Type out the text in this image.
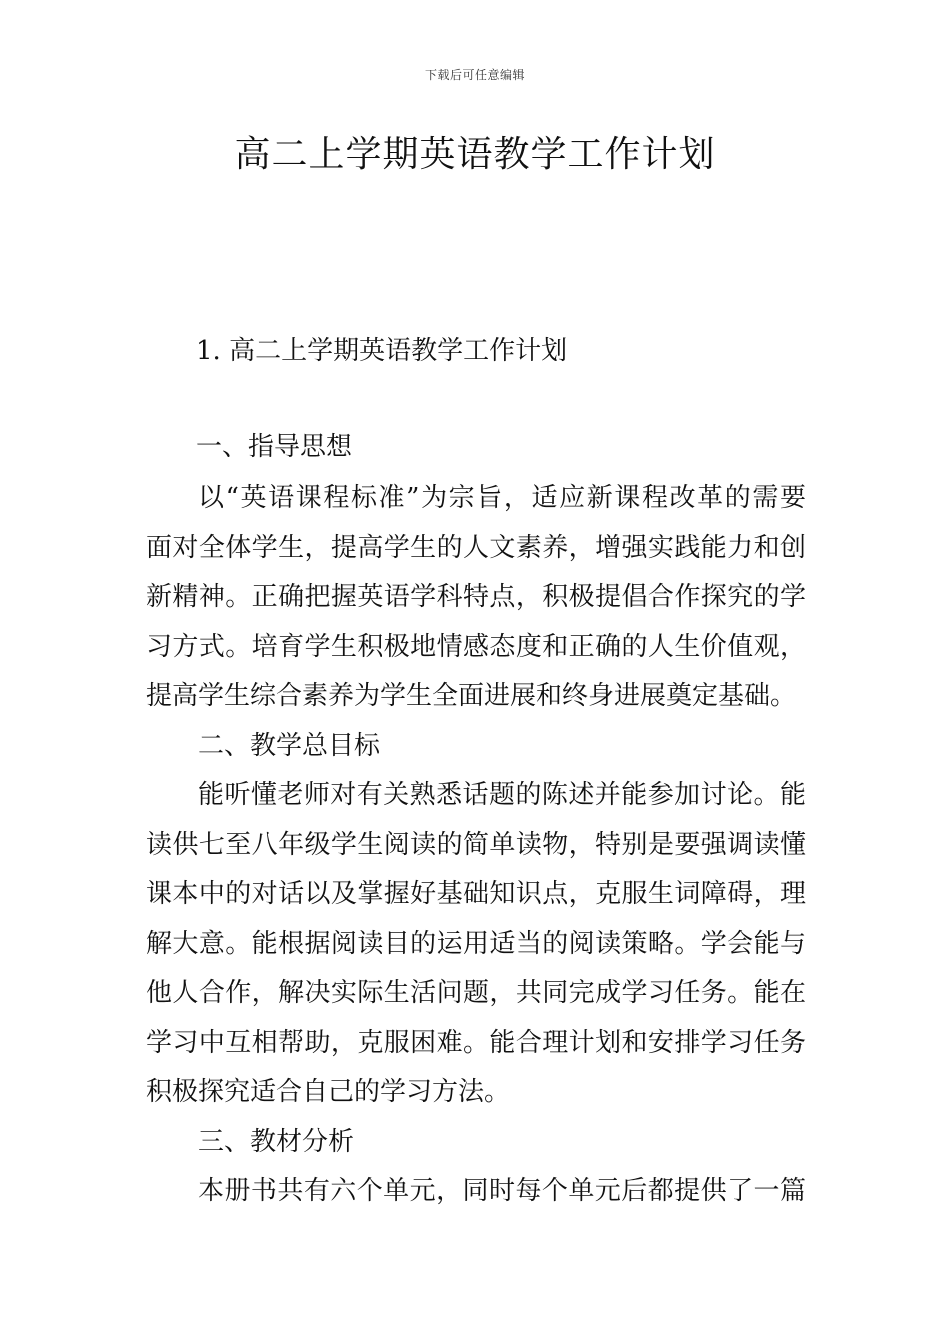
下载后可任意编辑
高二上学期英语教学工作计划
1. 高二上学期英语教学工作计划
一、指导思想
以“英语课程标准”为宗旨，适应新课程改革的需要
面对全体学生，提高学生的人文素养，增强实践能力和创
新精神。正确把握英语学科特点，积极提倡合作探究的学
习方式。培育学生积极地情感态度和正确的人生价值观，
提高学生综合素养为学生全面进展和终身进展奠定基础。
二、教学总目标
能听懂老师对有关熟悉话题的陈述并能参加讨论。能
读供七至八年级学生阅读的简单读物，特别是要强调读懂
课本中的对话以及掌握好基础知识点，克服生词障碍，理
解大意。能根据阅读目的运用适当的阅读策略。学会能与
他人合作，解决实际生活问题，共同完成学习任务。能在
学习中互相帮助，克服困难。能合理计划和安排学习任务
积极探究适合自己的学习方法。
三、教材分析
本册书共有六个单元，同时每个单元后都提供了一篇
